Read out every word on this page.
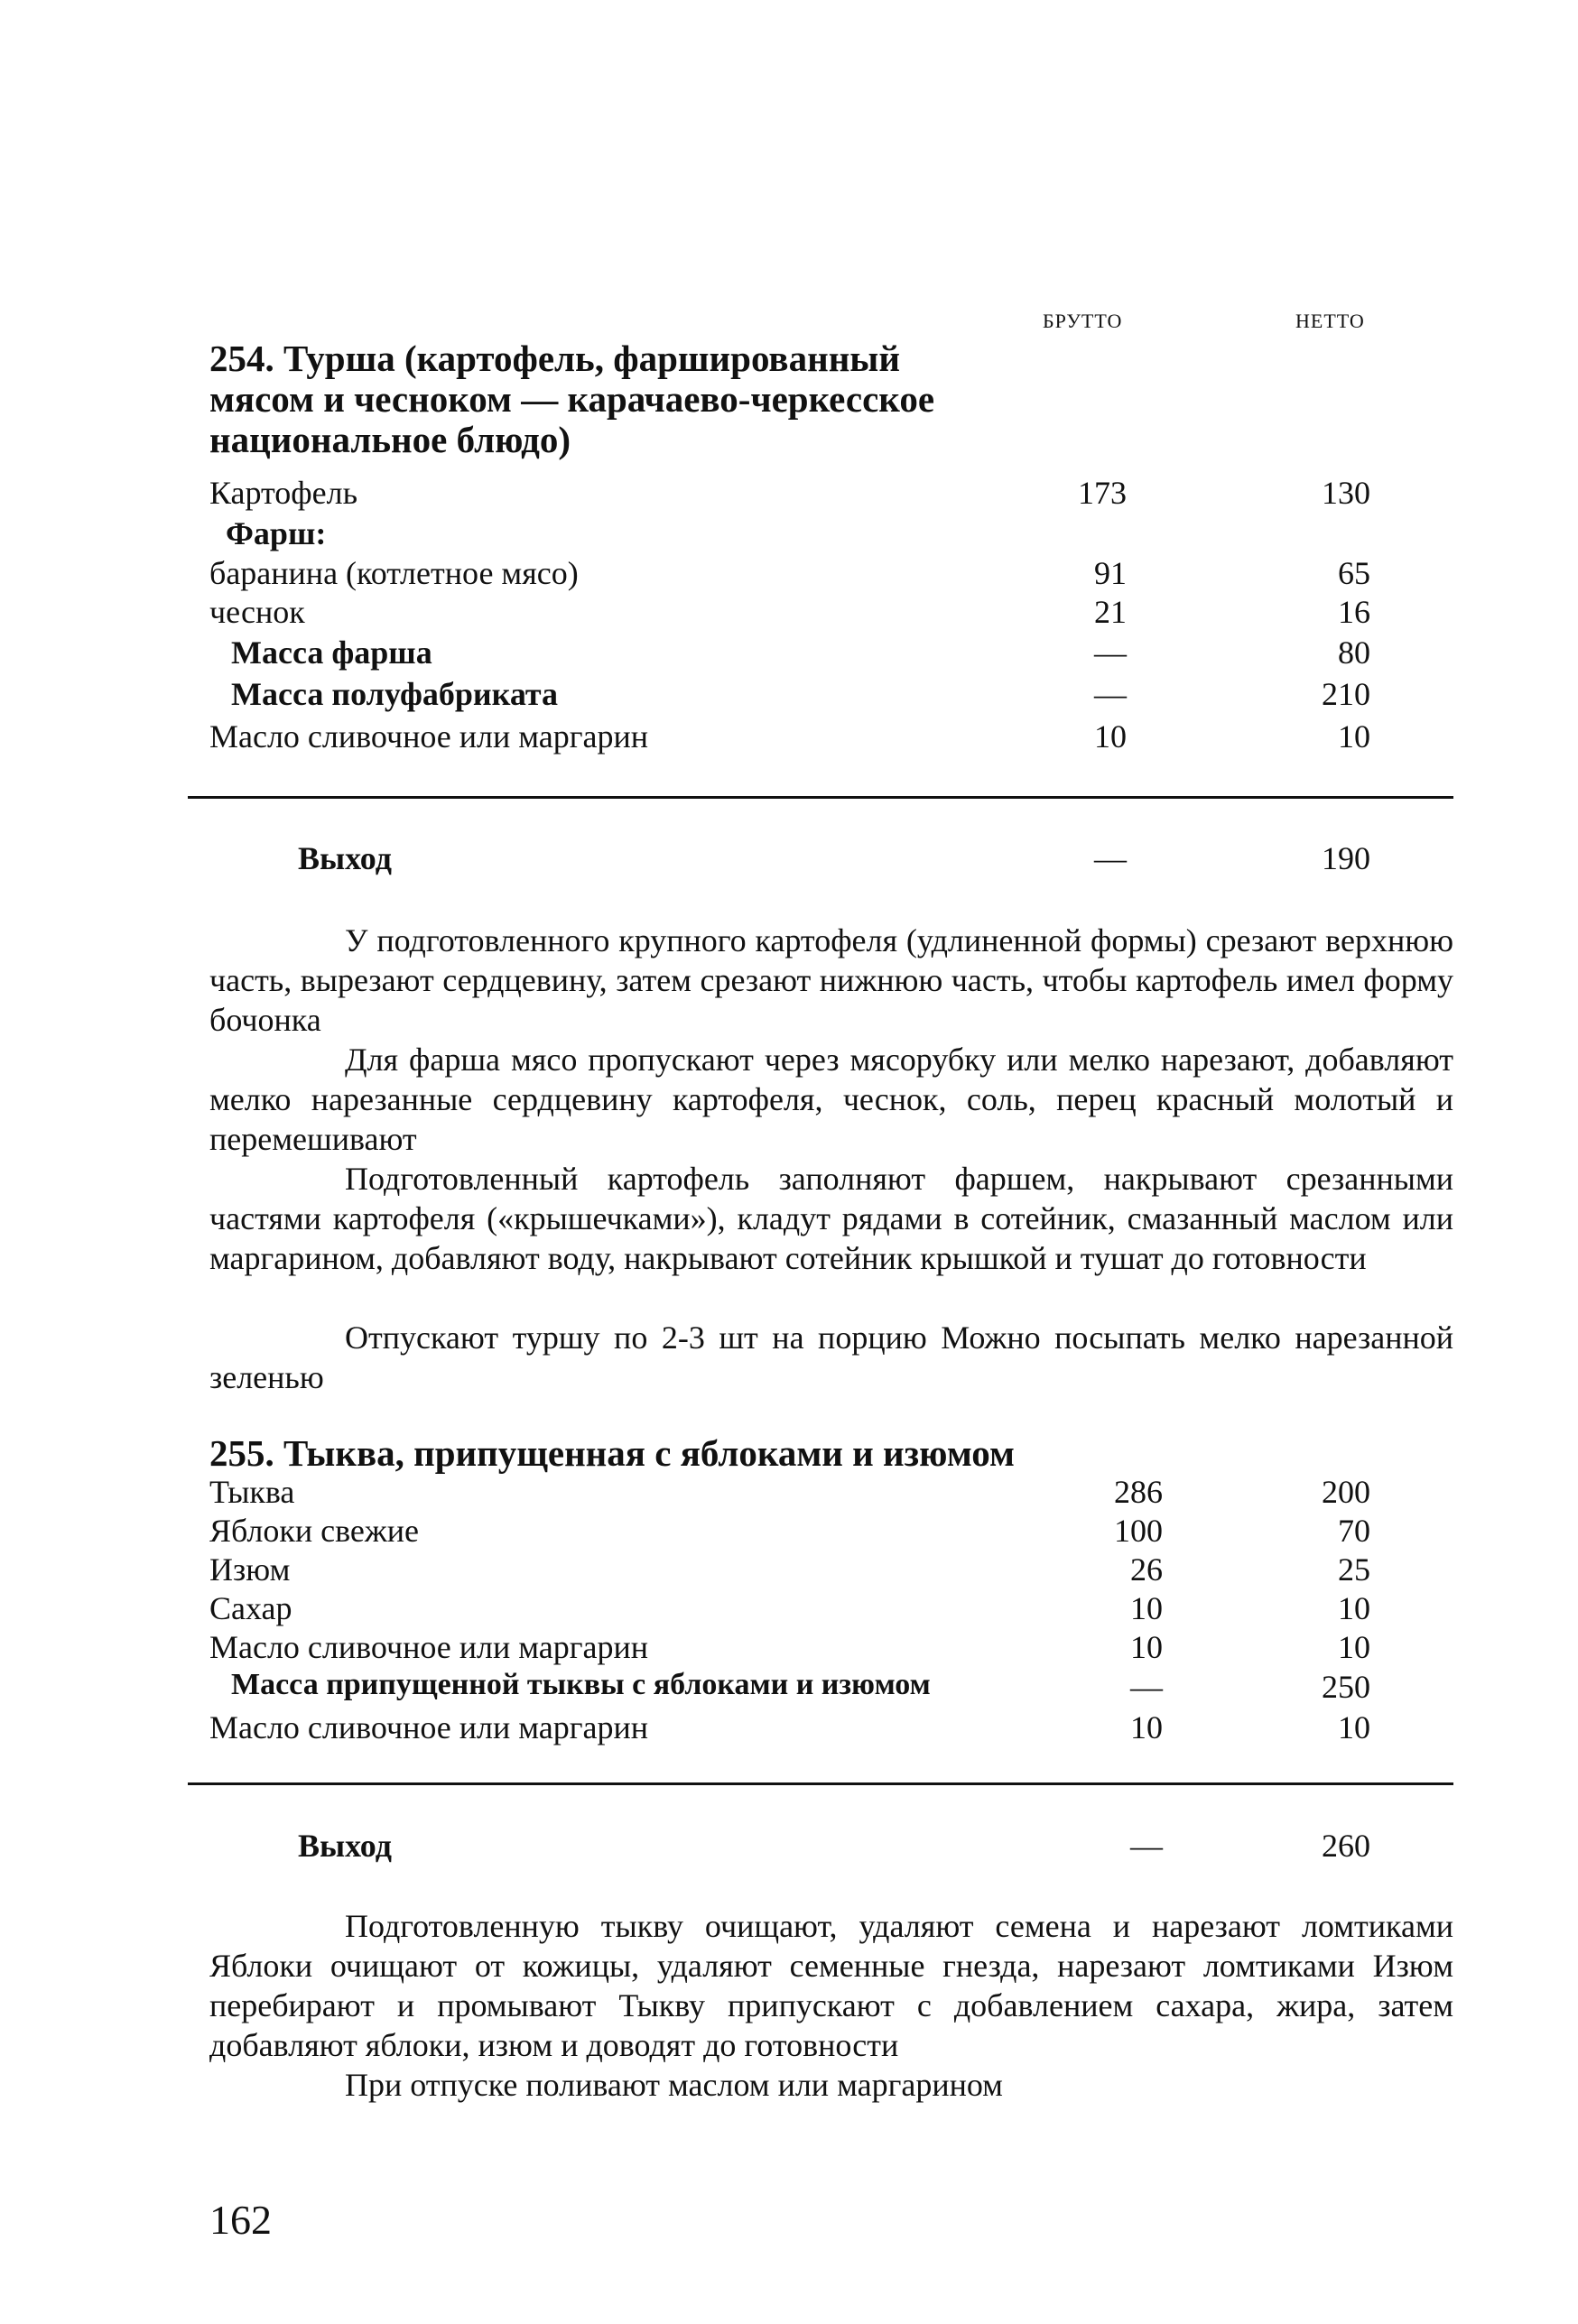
БРУТТО	НЕТТО
254. Турша (картофель, фаршированный мясом и чесноком — карачаево-черкесское национальное блюдо)
Картофель	173	130
Фарш:
баранина (котлетное мясо)	91	65
чеснок	21	16
Масса фарша	—	80
Масса полуфабриката	—	210
Масло сливочное или маргарин	10	10
Выход	—	190
У подготовленного крупного картофеля (удлиненной формы) срезают верхнюю часть, вырезают сердцевину, затем срезают нижнюю часть, чтобы картофель имел форму бочонка
Для фарша мясо пропускают через мясорубку или мелко нарезают, добавляют мелко нарезанные сердцевину картофеля, чеснок, соль, перец красный молотый и перемешивают
Подготовленный картофель заполняют фаршем, накрывают срезанными частями картофеля («крышечками»), кладут рядами в сотейник, смазанный маслом или маргарином, добавляют воду, накрывают сотейник крышкой и тушат до готовности
Отпускают туршу по 2-3 шт на порцию Можно посыпать мелко нарезанной зеленью
255. Тыква, припущенная с яблоками и изюмом
Тыква	286	200
Яблоки свежие	100	70
Изюм	26	25
Сахар	10	10
Масло сливочное или маргарин	10	10
Масса припущенной тыквы с яблоками и изюмом	—	250
Масло сливочное или маргарин	10	10
Выход	—	260
Подготовленную тыкву очищают, удаляют семена и нарезают ломтиками Яблоки очищают от кожицы, удаляют семенные гнезда, нарезают ломтиками Изюм перебирают и промывают Тыкву припускают с добавлением сахара, жира, затем добавляют яблоки, изюм и доводят до готовности
При отпуске поливают маслом или маргарином
162
